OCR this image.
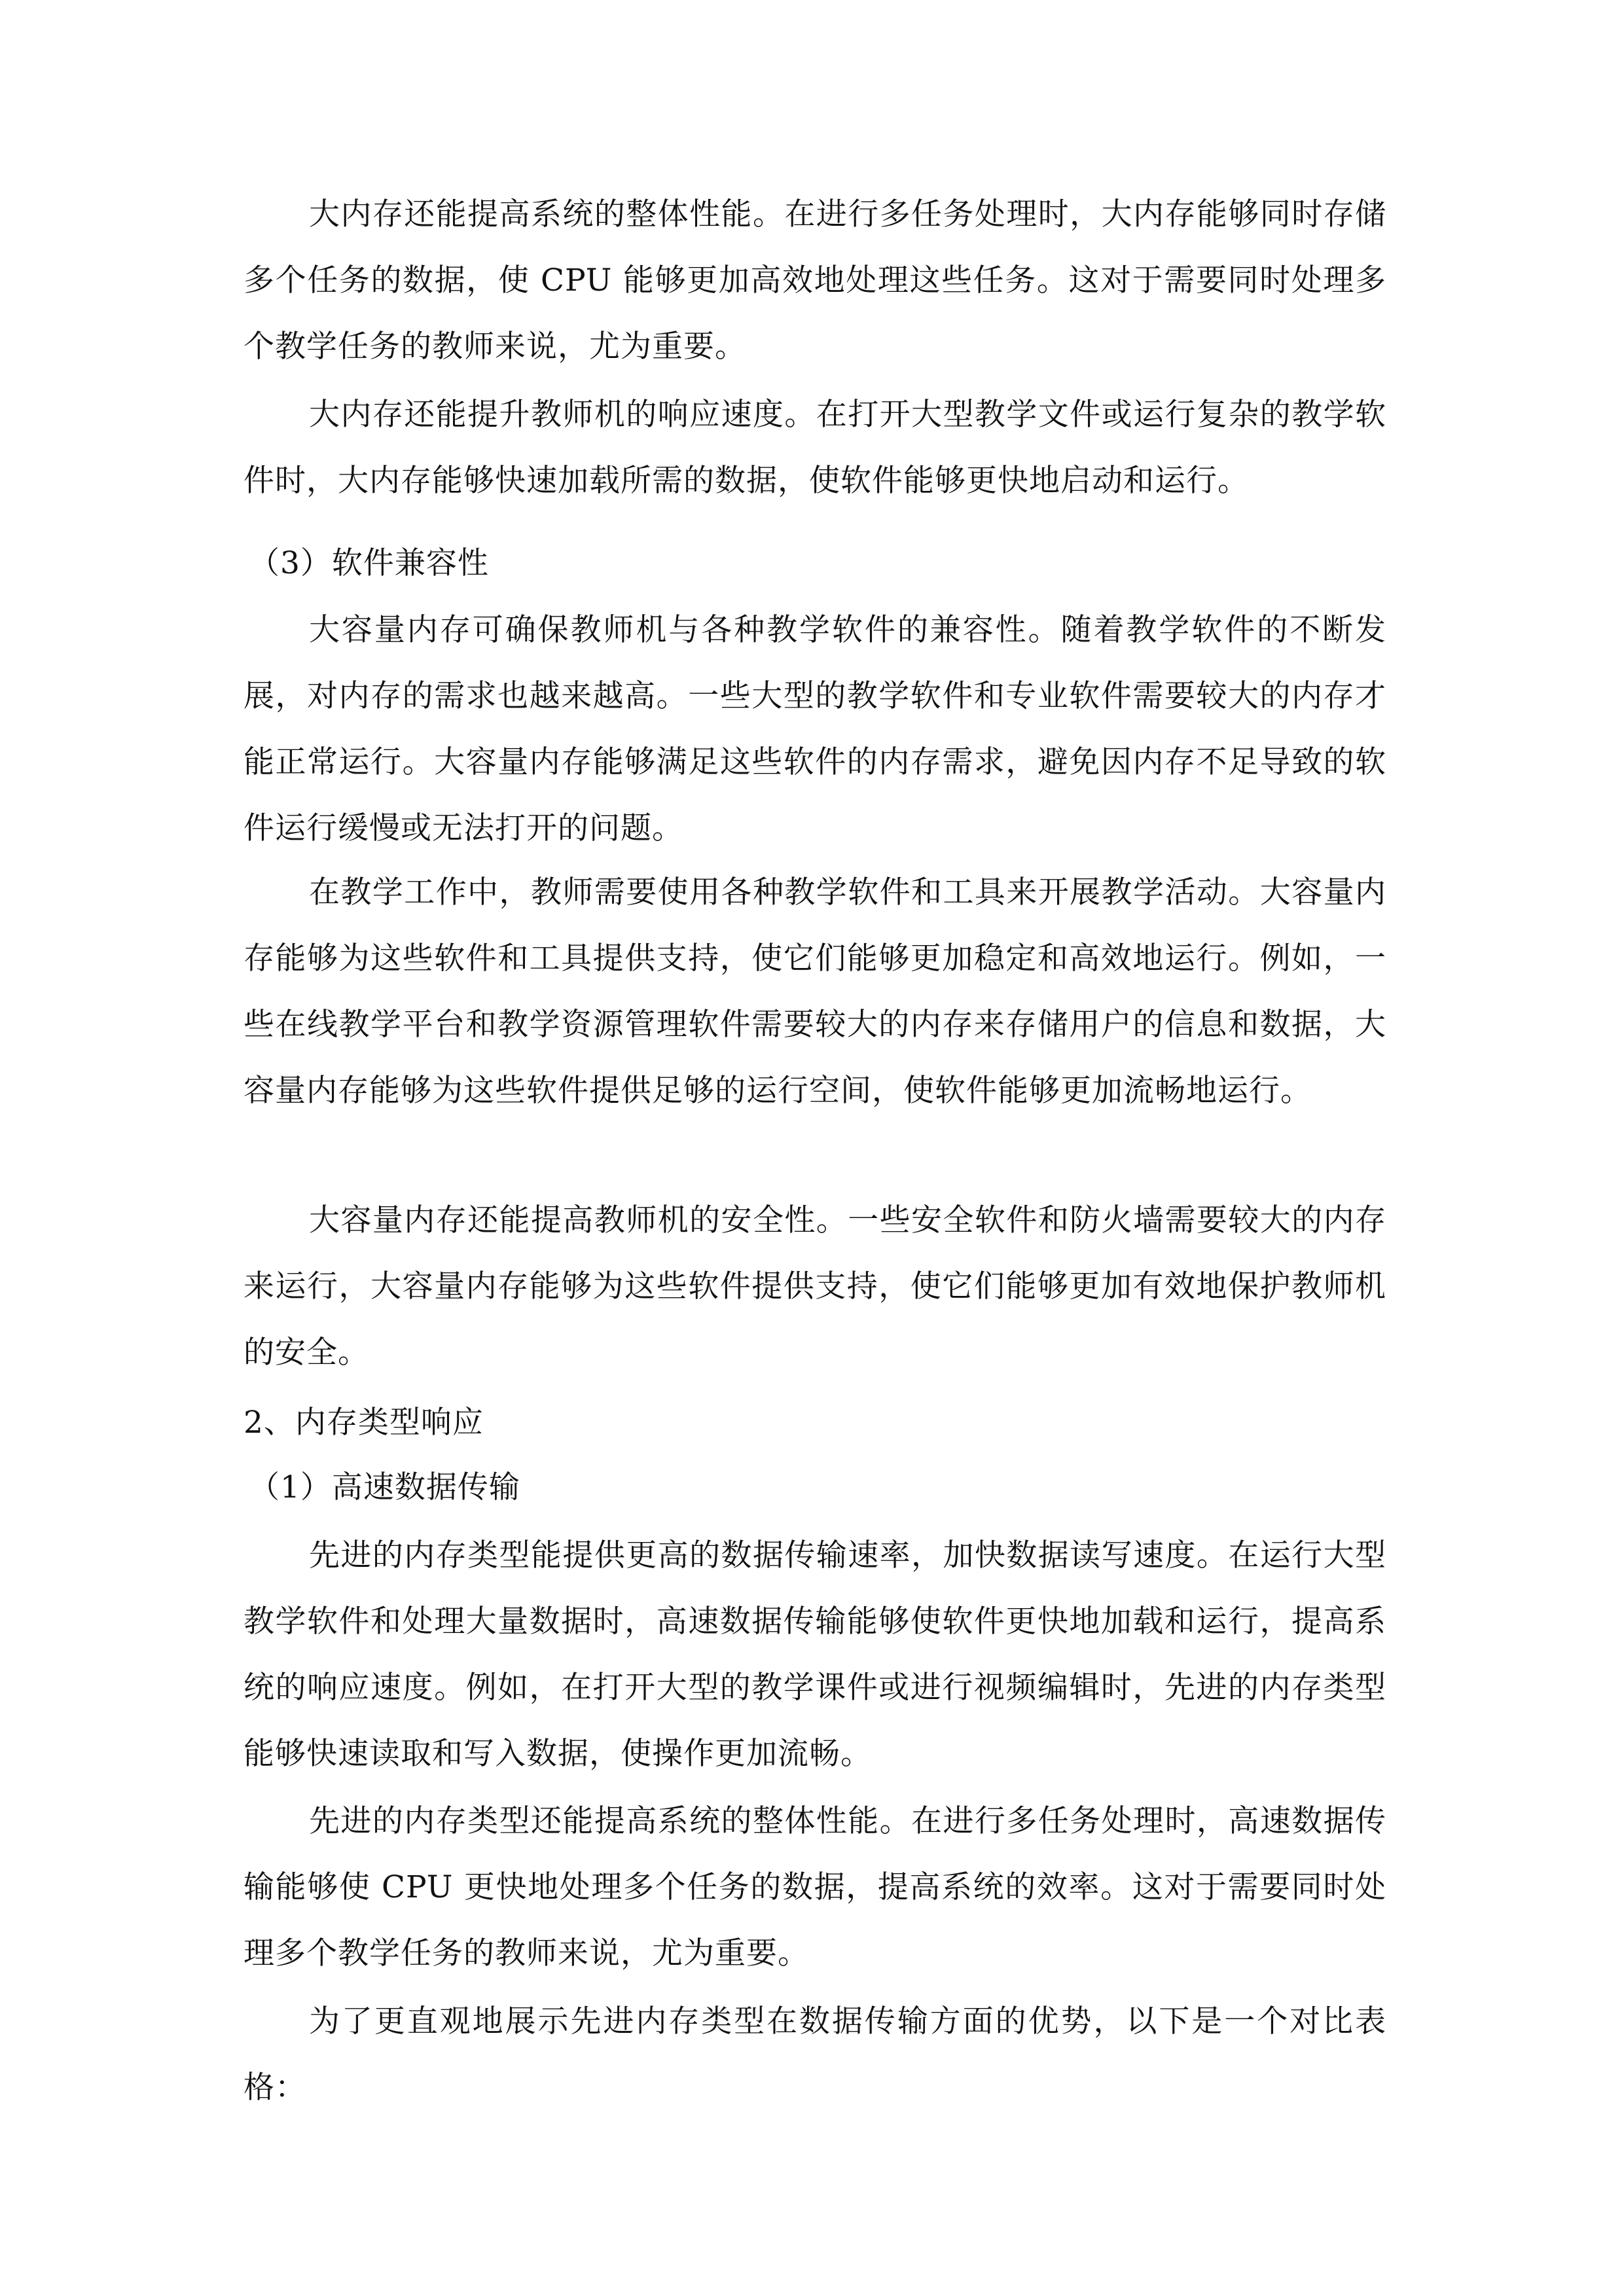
大内存还能提高系统的整体性能。在进行多任务处理时，大内存能够同时存储多个任务的数据，使 CPU 能够更加高效地处理这些任务。这对于需要同时处理多个教学任务的教师来说，尤为重要。

大内存还能提升教师机的响应速度。在打开大型教学文件或运行复杂的教学软件时，大内存能够快速加载所需的数据，使软件能够更快地启动和运行。

（3）软件兼容性

大容量内存可确保教师机与各种教学软件的兼容性。随着教学软件的不断发展，对内存的需求也越来越高。一些大型的教学软件和专业软件需要较大的内存才能正常运行。大容量内存能够满足这些软件的内存需求，避免因内存不足导致的软件运行缓慢或无法打开的问题。

在教学工作中，教师需要使用各种教学软件和工具来开展教学活动。大容量内存能够为这些软件和工具提供支持，使它们能够更加稳定和高效地运行。例如，一些在线教学平台和教学资源管理软件需要较大的内存来存储用户的信息和数据，大容量内存能够为这些软件提供足够的运行空间，使软件能够更加流畅地运行。

大容量内存还能提高教师机的安全性。一些安全软件和防火墙需要较大的内存来运行，大容量内存能够为这些软件提供支持，使它们能够更加有效地保护教师机的安全。

2、内存类型响应

（1）高速数据传输

先进的内存类型能提供更高的数据传输速率，加快数据读写速度。在运行大型教学软件和处理大量数据时，高速数据传输能够使软件更快地加载和运行，提高系统的响应速度。例如，在打开大型的教学课件或进行视频编辑时，先进的内存类型能够快速读取和写入数据，使操作更加流畅。

先进的内存类型还能提高系统的整体性能。在进行多任务处理时，高速数据传输能够使 CPU 更快地处理多个任务的数据，提高系统的效率。这对于需要同时处理多个教学任务的教师来说，尤为重要。

为了更直观地展示先进内存类型在数据传输方面的优势，以下是一个对比表格：
